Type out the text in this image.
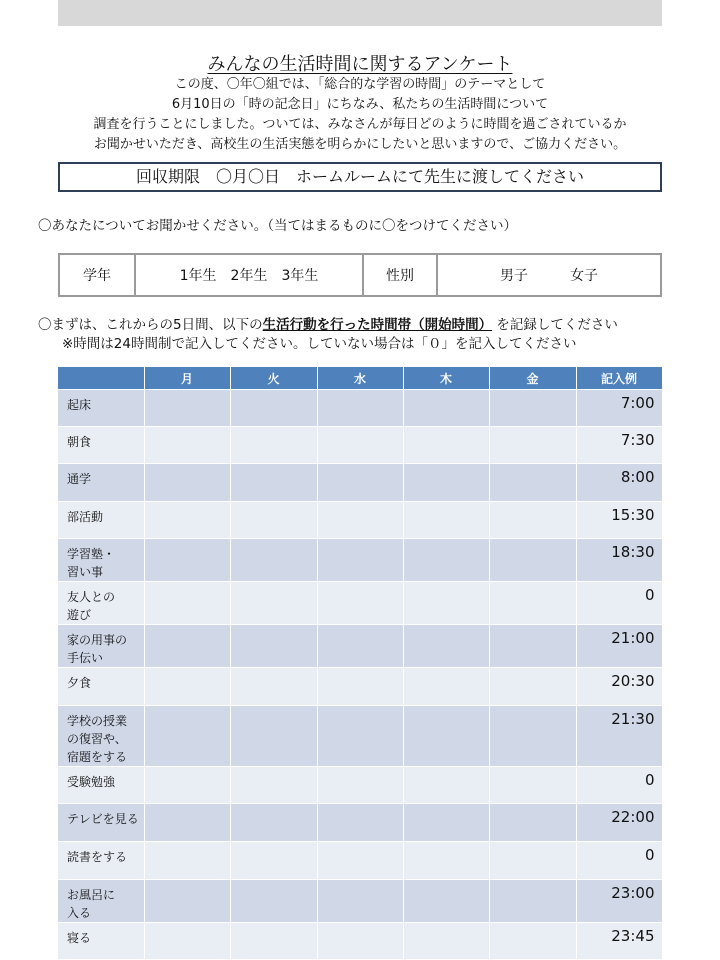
みんなの生活時間に関するアンケート
この度、〇年〇組では、「総合的な学習の時間」のテーマとして
6月10日の「時の記念日」にちなみ、私たちの生活時間について
調査を行うことにしました。ついては、みなさんが毎日どのように時間を過ごされているか
お聞かせいただき、高校生の生活実態を明らかにしたいと思いますので、ご協力ください。
回収期限　〇月〇日　ホームルームにて先生に渡してください
〇あなたについてお聞かせください。（当てはまるものに〇をつけてください）
学年	1年生　2年生　3年生	性別	男子　　　女子
〇まずは、これからの5日間、以下の生活行動を行った時間帯（開始時間） を記録してください
※時間は24時間制で記入してください。していない場合は「０」を記入してください
	月	火	水	木	金	記入例
起床						7:00
朝食						7:30
通学						8:00
部活動						15:30
学習塾・
習い事						18:30
友人との
遊び						0
家の用事の
手伝い						21:00
夕食						20:30
学校の授業
の復習や、
宿題をする						21:30
受験勉強						0
テレビを見る						22:00
読書をする						0
お風呂に
入る						23:00
寝る						23:45
